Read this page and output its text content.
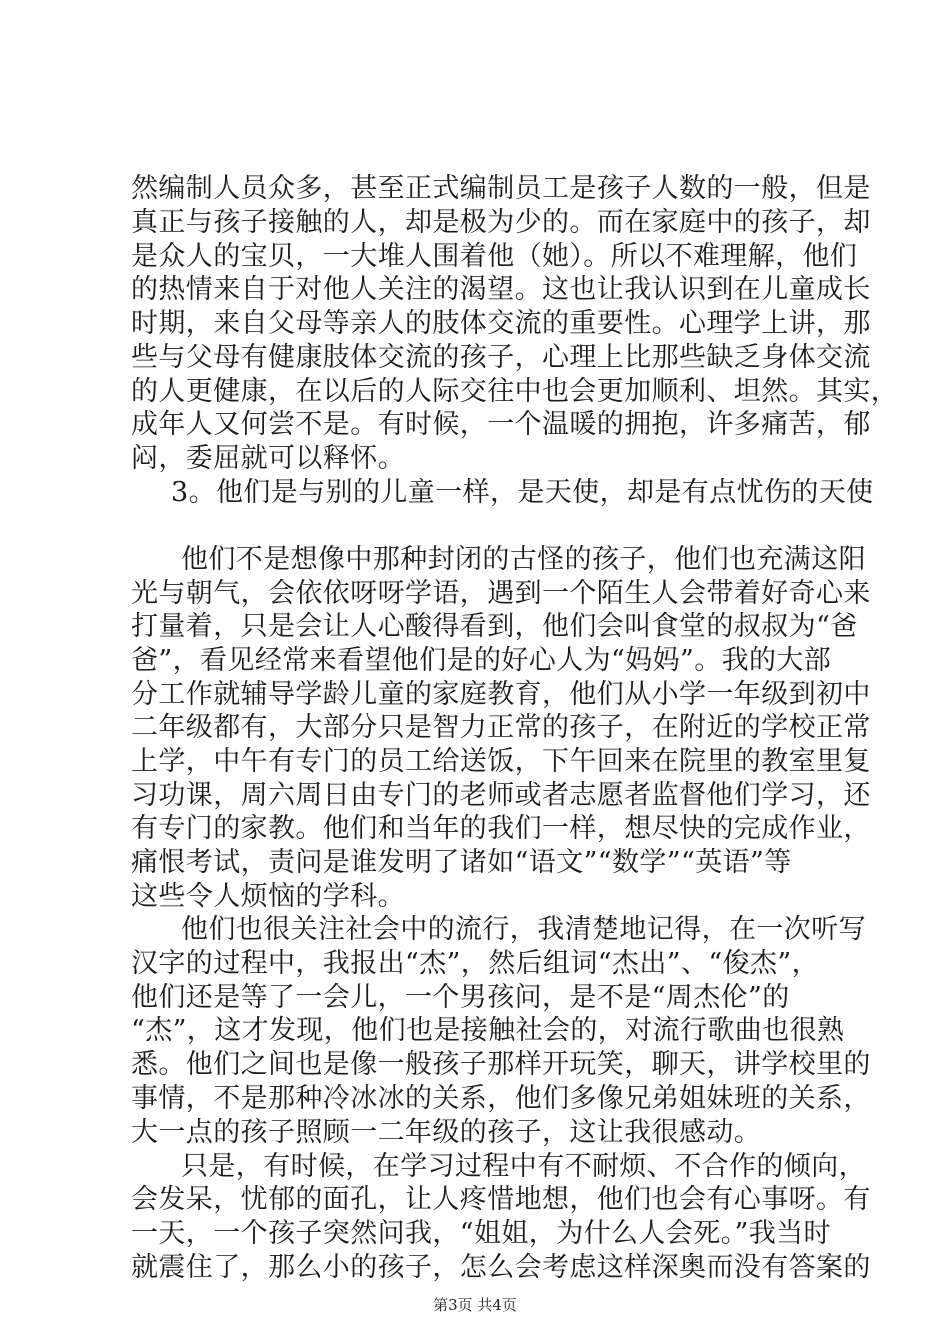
然编制人员众多，甚至正式编制员工是孩子人数的一般，但是

真正与孩子接触的人，却是极为少的。而在家庭中的孩子，却

是众人的宝贝，一大堆人围着他（她）。所以不难理解，他们

的热情来自于对他人关注的渴望。这也让我认识到在儿童成长

时期，来自父母等亲人的肢体交流的重要性。心理学上讲，那

些与父母有健康肢体交流的孩子，心理上比那些缺乏身体交流

的人更健康，在以后的人际交往中也会更加顺利、坦然。其实，

成年人又何尝不是。有时候，一个温暖的拥抱，许多痛苦，郁

闷，委屈就可以释怀。

3。他们是与别的儿童一样，是天使，却是有点忧伤的天使

他们不是想像中那种封闭的古怪的孩子，他们也充满这阳

光与朝气，会依依呀呀学语，遇到一个陌生人会带着好奇心来

打量着，只是会让人心酸得看到，他们会叫食堂的叔叔为“爸

爸”，看见经常来看望他们是的好心人为“妈妈”。我的大部

分工作就辅导学龄儿童的家庭教育，他们从小学一年级到初中

二年级都有，大部分只是智力正常的孩子，在附近的学校正常

上学，中午有专门的员工给送饭，下午回来在院里的教室里复

习功课，周六周日由专门的老师或者志愿者监督他们学习，还

有专门的家教。他们和当年的我们一样，想尽快的完成作业，

痛恨考试，责问是谁发明了诸如“语文”“数学”“英语”等

这些令人烦恼的学科。

他们也很关注社会中的流行，我清楚地记得，在一次听写

汉字的过程中，我报出“杰”，然后组词“杰出”、“俊杰”，

他们还是等了一会儿，一个男孩问，是不是“周杰伦”的

“杰”，这才发现，他们也是接触社会的，对流行歌曲也很熟

悉。他们之间也是像一般孩子那样开玩笑，聊天，讲学校里的

事情，不是那种冷冰冰的关系，他们多像兄弟姐妹班的关系，

大一点的孩子照顾一二年级的孩子，这让我很感动。

只是，有时候，在学习过程中有不耐烦、不合作的倾向，

会发呆，忧郁的面孔，让人疼惜地想，他们也会有心事呀。有

一天，一个孩子突然问我，“姐姐，为什么人会死。”我当时

就震住了，那么小的孩子，怎么会考虑这样深奥而没有答案的

第3页 共4页
